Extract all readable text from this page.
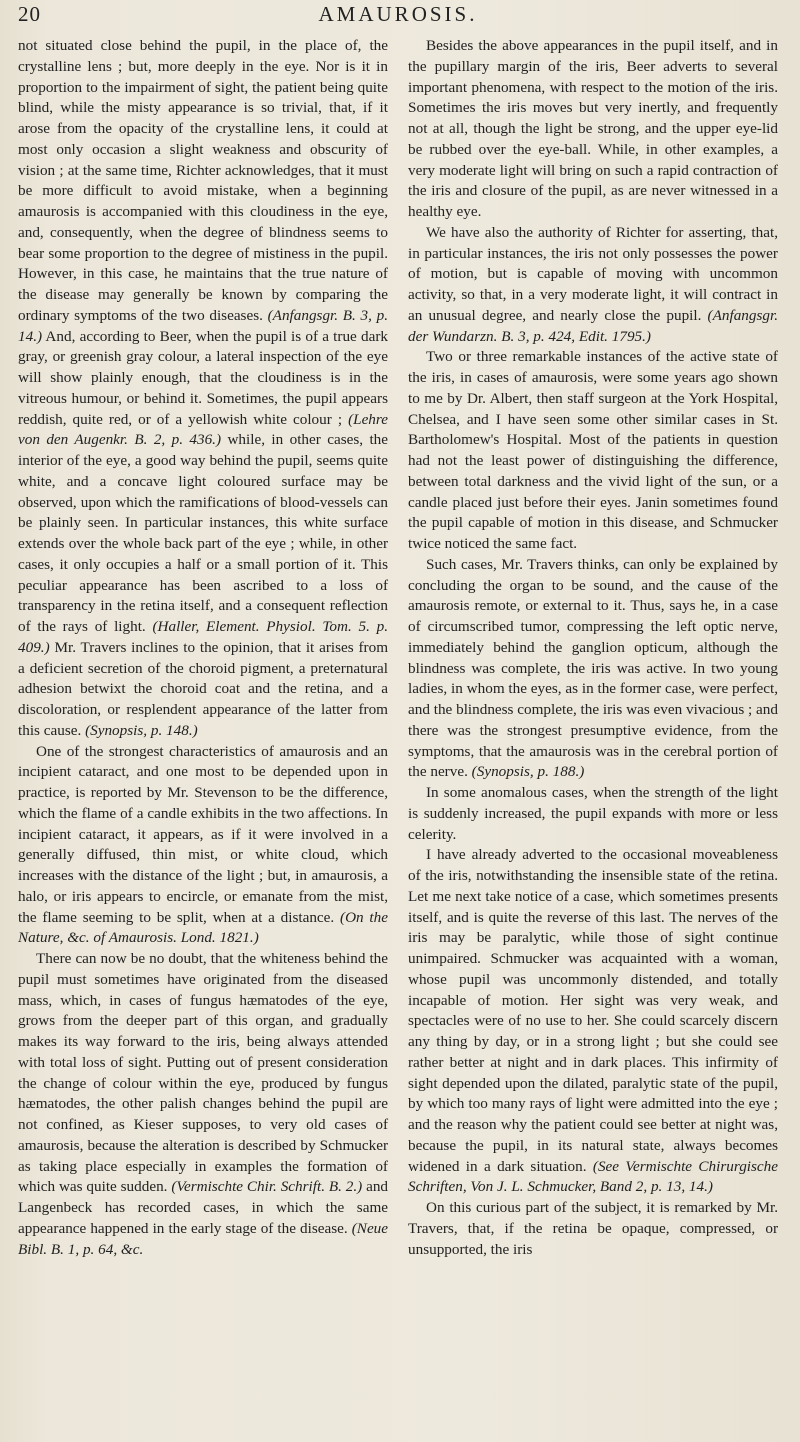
20	AMAUROSIS.

not situated close behind the pupil, in the place of, the crystalline lens ; but, more deeply in the eye. Nor is it in proportion to the impairment of sight, the patient being quite blind, while the misty appearance is so trivial, that, if it arose from the opacity of the crystalline lens, it could at most only occasion a slight weakness and obscurity of vision ; at the same time, Richter acknowledges, that it must be more difficult to avoid mistake, when a beginning amaurosis is accompanied with this cloudiness in the eye, and, consequently, when the degree of blindness seems to bear some proportion to the degree of mistiness in the pupil. However, in this case, he maintains that the true nature of the disease may generally be known by comparing the ordinary symptoms of the two diseases. (Anfangsgr. B. 3, p. 14.) And, according to Beer, when the pupil is of a true dark gray, or greenish gray colour, a lateral inspection of the eye will show plainly enough, that the cloudiness is in the vitreous humour, or behind it. Sometimes, the pupil appears reddish, quite red, or of a yellowish white colour ; (Lehre von den Augenkr. B. 2, p. 436.) while, in other cases, the interior of the eye, a good way behind the pupil, seems quite white, and a concave light coloured surface may be observed, upon which the ramifications of blood-vessels can be plainly seen. In particular instances, this white surface extends over the whole back part of the eye ; while, in other cases, it only occupies a half or a small portion of it. This peculiar appearance has been ascribed to a loss of transparency in the retina itself, and a consequent reflection of the rays of light. (Haller, Element. Physiol. Tom. 5. p. 409.) Mr. Travers inclines to the opinion, that it arises from a deficient secretion of the choroid pigment, a preternatural adhesion betwixt the choroid coat and the retina, and a discoloration, or resplendent appearance of the latter from this cause. (Synopsis, p. 148.)

One of the strongest characteristics of amaurosis and an incipient cataract, and one most to be depended upon in practice, is reported by Mr. Stevenson to be the difference, which the flame of a candle exhibits in the two affections. In incipient cataract, it appears, as if it were involved in a generally diffused, thin mist, or white cloud, which increases with the distance of the light ; but, in amaurosis, a halo, or iris appears to encircle, or emanate from the mist, the flame seeming to be split, when at a distance. (On the Nature, &c. of Amaurosis. Lond. 1821.)

There can now be no doubt, that the whiteness behind the pupil must sometimes have originated from the diseased mass, which, in cases of fungus hæmatodes of the eye, grows from the deeper part of this organ, and gradually makes its way forward to the iris, being always attended with total loss of sight. Putting out of present consideration the change of colour within the eye, produced by fungus hæmatodes, the other palish changes behind the pupil are not confined, as Kieser supposes, to very old cases of amaurosis, because the alteration is described by Schmucker as taking place especially in examples the formation of which was quite sudden. (Vermischte Chir. Schrift. B. 2.) and Langenbeck has recorded cases, in which the same appearance happened in the early stage of the disease. (Neue Bibl. B. 1, p. 64, &c.

Besides the above appearances in the pupil itself, and in the pupillary margin of the iris, Beer adverts to several important phenomena, with respect to the motion of the iris. Sometimes the iris moves but very inertly, and frequently not at all, though the light be strong, and the upper eye-lid be rubbed over the eye-ball. While, in other examples, a very moderate light will bring on such a rapid contraction of the iris and closure of the pupil, as are never witnessed in a healthy eye.

We have also the authority of Richter for asserting, that, in particular instances, the iris not only possesses the power of motion, but is capable of moving with uncommon activity, so that, in a very moderate light, it will contract in an unusual degree, and nearly close the pupil. (Anfangsgr. der Wundarzn. B. 3, p. 424, Edit. 1795.)

Two or three remarkable instances of the active state of the iris, in cases of amaurosis, were some years ago shown to me by Dr. Albert, then staff surgeon at the York Hospital, Chelsea, and I have seen some other similar cases in St. Bartholomew's Hospital. Most of the patients in question had not the least power of distinguishing the difference, between total darkness and the vivid light of the sun, or a candle placed just before their eyes. Janin sometimes found the pupil capable of motion in this disease, and Schmucker twice noticed the same fact.

Such cases, Mr. Travers thinks, can only be explained by concluding the organ to be sound, and the cause of the amaurosis remote, or external to it. Thus, says he, in a case of circumscribed tumor, compressing the left optic nerve, immediately behind the ganglion opticum, although the blindness was complete, the iris was active. In two young ladies, in whom the eyes, as in the former case, were perfect, and the blindness complete, the iris was even vivacious ; and there was the strongest presumptive evidence, from the symptoms, that the amaurosis was in the cerebral portion of the nerve. (Synopsis, p. 188.)

In some anomalous cases, when the strength of the light is suddenly increased, the pupil expands with more or less celerity.

I have already adverted to the occasional moveableness of the iris, notwithstanding the insensible state of the retina. Let me next take notice of a case, which sometimes presents itself, and is quite the reverse of this last. The nerves of the iris may be paralytic, while those of sight continue unimpaired. Schmucker was acquainted with a woman, whose pupil was uncommonly distended, and totally incapable of motion. Her sight was very weak, and spectacles were of no use to her. She could scarcely discern any thing by day, or in a strong light ; but she could see rather better at night and in dark places. This infirmity of sight depended upon the dilated, paralytic state of the pupil, by which too many rays of light were admitted into the eye ; and the reason why the patient could see better at night was, because the pupil, in its natural state, always becomes widened in a dark situation. (See Vermischte Chirurgische Schriften, Von J. L. Schmucker, Band 2, p. 13, 14.)

On this curious part of the subject, it is remarked by Mr. Travers, that, if the retina be opaque, compressed, or unsupported, the iris
